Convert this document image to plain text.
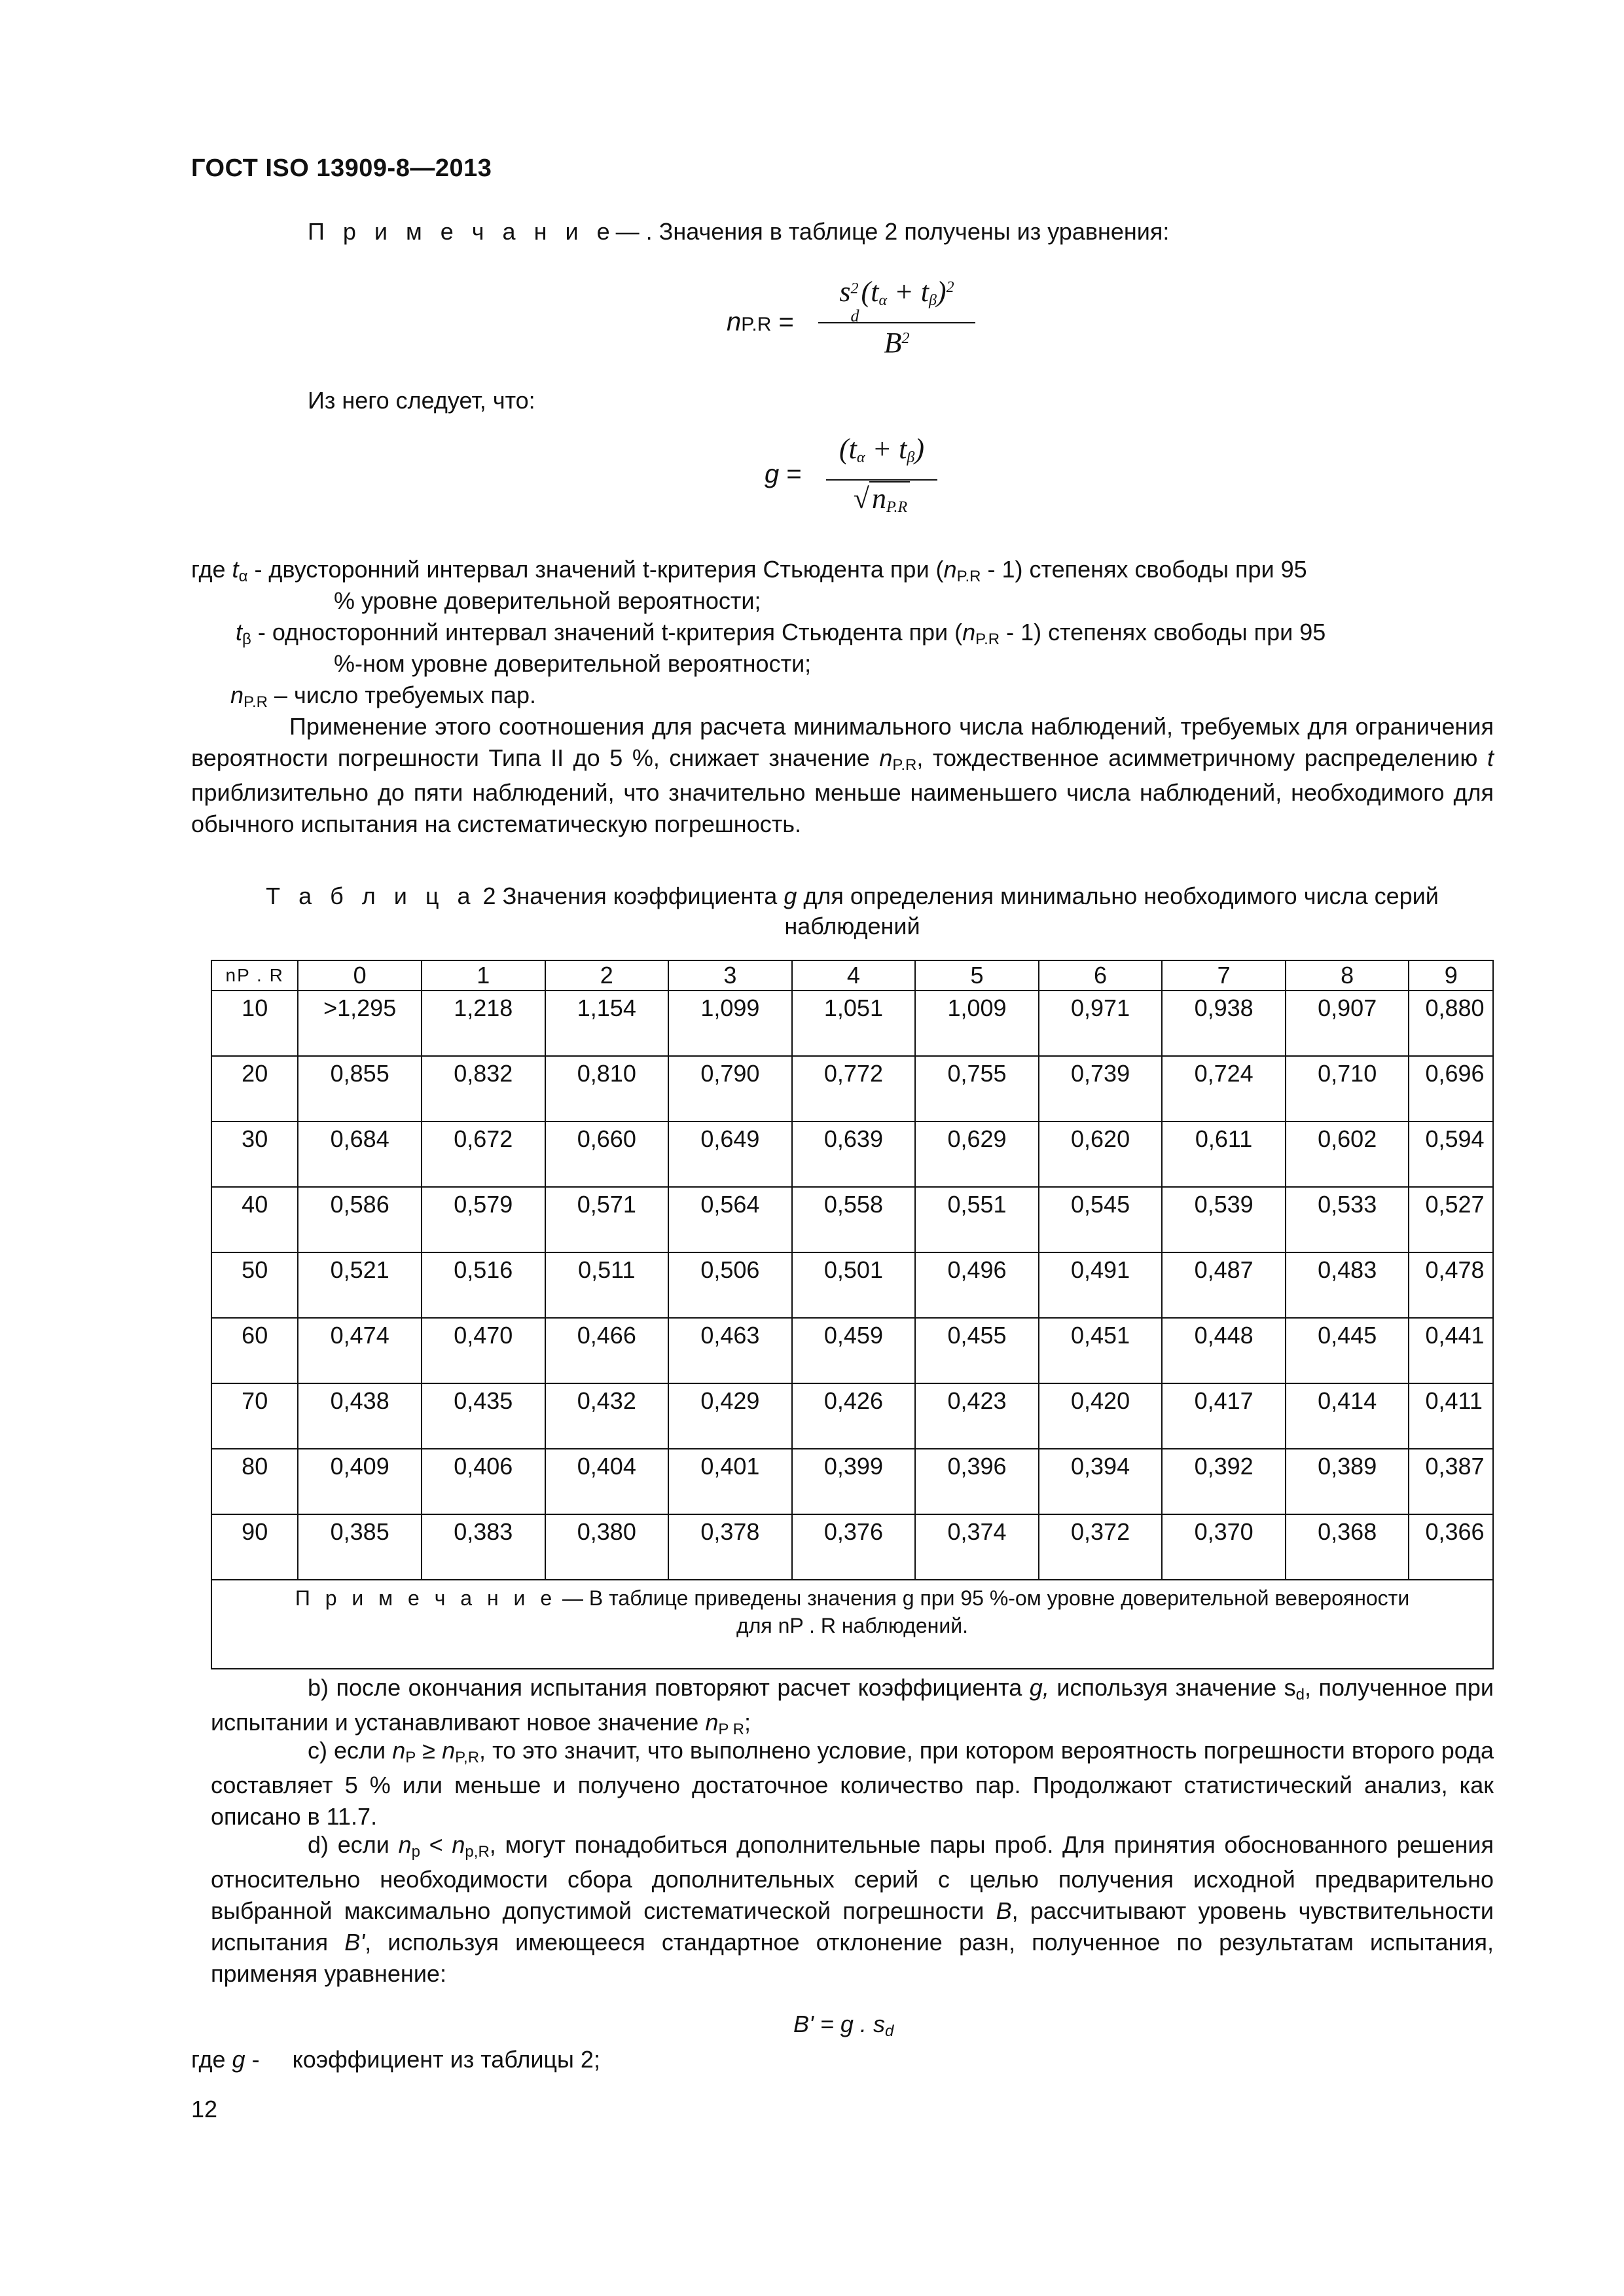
ГОСТ ISO 13909-8—2013
П р и м е ч а н и е— . Значения в таблице 2 получены из уравнения:
nP.R =
s 2
d
$(t\alpha + t\beta)^2$
$B^2$
Из него следует, что:
g =
(tα + tβ)
√nP.R
где tα - двусторонний интервал значений t-критерия Стьюдента при (nP.R - 1) степенях свободы при 95
% уровне доверительной вероятности;
tβ - односторонний интервал значений t-критерия Стьюдента при (nP.R - 1) степенях свободы при 95
%-ном уровне доверительной вероятности;
nP.R – число требуемых пар.
Применение этого соотношения для расчета минимального числа наблюдений, требуемых для ограничения вероятности погрешности Типа II до 5 %, снижает значение nP.R, тождественное асимметричному распределению t приблизительно до пяти наблюдений, что значительно меньше наименьшего числа наблюдений, необходимого для обычного испытания на систематическую погрешность.
Т а б л и ц а 2 Значения коэффициента g для определения минимально необходимого числа серий
наблюдений
nP . R	0	1	2	3	4	5	6	7	8	9
10	>1,295	1,218	1,154	1,099	1,051	1,009	0,971	0,938	0,907	0,880
20	0,855	0,832	0,810	0,790	0,772	0,755	0,739	0,724	0,710	0,696
30	0,684	0,672	0,660	0,649	0,639	0,629	0,620	0,611	0,602	0,594
40	0,586	0,579	0,571	0,564	0,558	0,551	0,545	0,539	0,533	0,527
50	0,521	0,516	0,511	0,506	0,501	0,496	0,491	0,487	0,483	0,478
60	0,474	0,470	0,466	0,463	0,459	0,455	0,451	0,448	0,445	0,441
70	0,438	0,435	0,432	0,429	0,426	0,423	0,420	0,417	0,414	0,411
80	0,409	0,406	0,404	0,401	0,399	0,396	0,394	0,392	0,389	0,387
90	0,385	0,383	0,380	0,378	0,376	0,374	0,372	0,370	0,368	0,366
П р и м е ч а н и е — В таблице приведены значения g при 95 %-ом уровне доверительной веверояности
для nP . R наблюдений.										
b) после окончания испытания повторяют расчет коэффициента g, используя значение sd, полученное при испытании и устанавливают новое значение nP R;
c) если nP ≥ nP,R, то это значит, что выполнено условие, при котором вероятность погрешности второго рода составляет 5 % или меньше и получено достаточное количество пар. Продолжают статистический анализ, как описано в 11.7.
d) если np < np,R, могут понадобиться дополнительные пары проб. Для принятия обоснованного решения относительно необходимости сбора дополнительных серий с целью получения исходной предварительно выбранной максимально допустимой систематической погрешности B, рассчитывают уровень чувствительности испытания B', используя имеющееся стандартное отклонение разн, полученное по результатам испытания, применяя уравнение:
B' = g . sd
где g -     коэффициент из таблицы 2;
12
